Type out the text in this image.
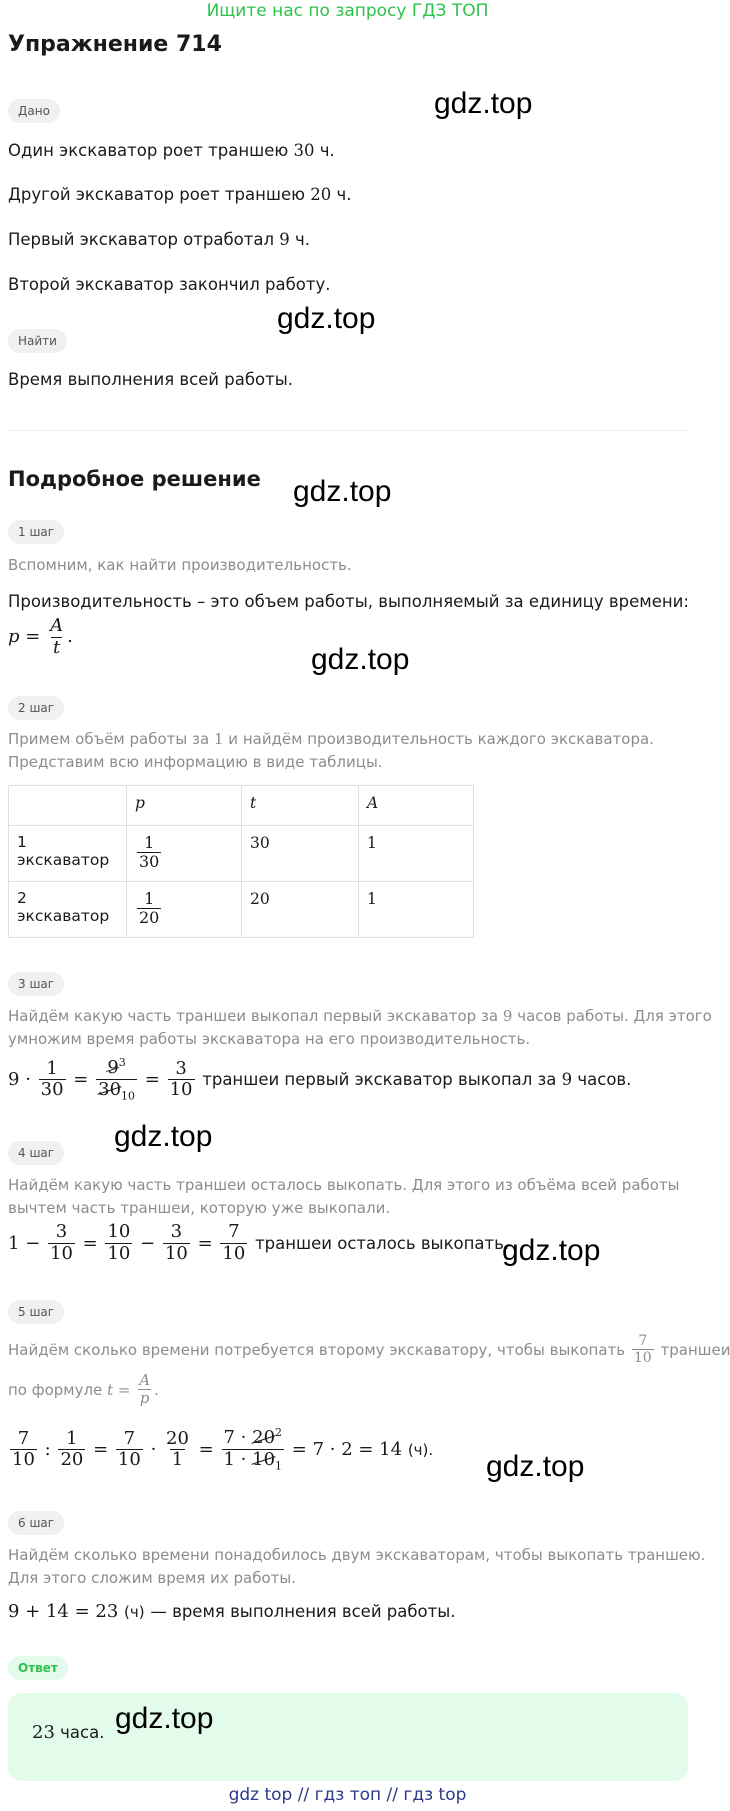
Ищите нас по запросу ГДЗ ТОП
Упражнение 714
Дано	gdz.top
Один экскаватор роет траншею 30 ч.
Другой экскаватор роет траншею 20 ч.
Первый экскаватор отработал 9 ч.
Второй экскаватор закончил работу.
gdz.top
Найти
Время выполнения всей работы.
Подробное решение gdz.top
1 шаг
Вспомним, как найти производительность.
Производительность – это объем работы, выполняемый за единицу времени:
$p = \frac{A}{t}$ .
gdz.top
2 шаг
Примем объём работы за 1 и найдём производительность каждого экскаватора.
Представим всю информацию в виде таблицы.
	p	t	A
1 экскаватор	$\frac{1}{30}$	30	1
2 экскаватор	$\frac{1}{20}$	20	1
3 шаг
Найдём какую часть траншеи выкопал первый экскаватор за 9 часов работы. Для этого
умножим время работы экскаватора на его производительность.
9
·
$\frac{1}{30}$
=
$\frac{9^3}{30_{10}}$
=
$\frac{3}{10}$
траншеи первый экскаватор выкопал за 9 часов.
gdz.top
4 шаг
Найдём какую часть траншеи осталось выкопать. Для этого из объёма всей работы
вычтем часть траншеи, которую уже выкопали.
1
−
$\frac{3}{10}$
=
$\frac{10}{10}$
−
$\frac{3}{10}$
=
$\frac{7}{10}$
траншеи осталось выкопать.
gdz.top
5 шаг
Найдём сколько времени потребуется второму экскаватору, чтобы выкопать
$\frac{7}{10}$
траншеи
по формуле
t
=
$\frac{A}{p}$ .
$\frac{7}{10}$
:
$\frac{1}{20}$
=
$\frac{7}{10}$
·
$\frac{20}{1}$
=
$\frac{7 \cdot 20^2}{1 \cdot 10_1}$
= 7 · 2 = 14
(ч).
gdz.top
6 шаг
Найдём сколько времени понадобилось двум экскаваторам, чтобы выкопать траншею.
Для этого сложим время их работы.
9 + 14 = 23 (ч) — время выполнения всей работы.
Ответ
23 часа. gdz.top
gdz top // гдз топ // гдз top
